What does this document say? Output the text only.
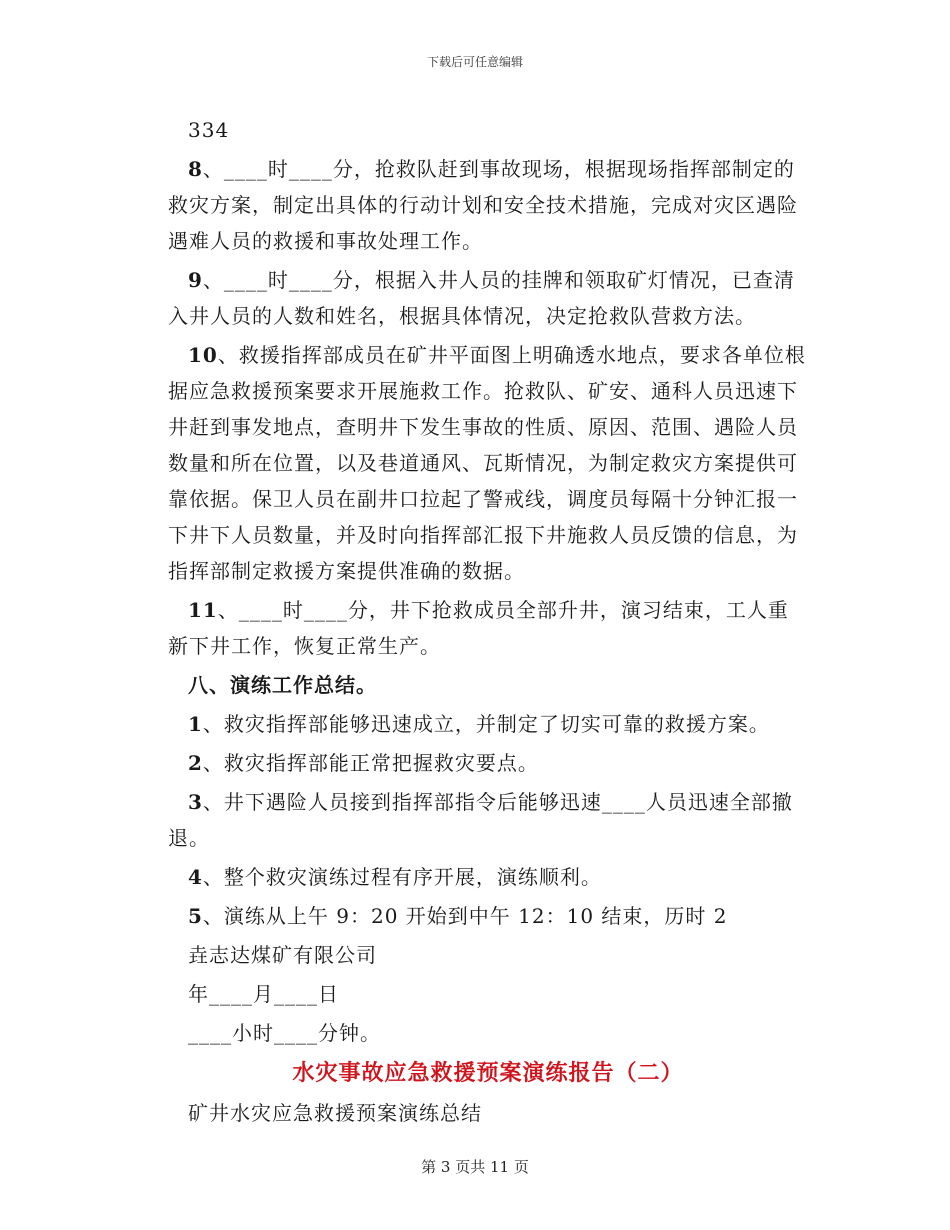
下载后可任意编辑

334

8、____时____分，抢救队赶到事故现场，根据现场指挥部制定的救灾方案，制定出具体的行动计划和安全技术措施，完成对灾区遇险遇难人员的救援和事故处理工作。

9、____时____分，根据入井人员的挂牌和领取矿灯情况，已查清入井人员的人数和姓名，根据具体情况，决定抢救队营救方法。

10、救援指挥部成员在矿井平面图上明确透水地点，要求各单位根据应急救援预案要求开展施救工作。抢救队、矿安、通科人员迅速下井赶到事发地点，查明井下发生事故的性质、原因、范围、遇险人员数量和所在位置，以及巷道通风、瓦斯情况，为制定救灾方案提供可靠依据。保卫人员在副井口拉起了警戒线，调度员每隔十分钟汇报一下井下人员数量，并及时向指挥部汇报下井施救人员反馈的信息，为指挥部制定救援方案提供准确的数据。

11、____时____分，井下抢救成员全部升井，演习结束，工人重新下井工作，恢复正常生产。

八、演练工作总结。

1、救灾指挥部能够迅速成立，并制定了切实可靠的救援方案。

2、救灾指挥部能正常把握救灾要点。

3、井下遇险人员接到指挥部指令后能够迅速____人员迅速全部撤退。

4、整个救灾演练过程有序开展，演练顺利。

5、演练从上午 9：20 开始到中午 12：10 结束，历时 2

垚志达煤矿有限公司

年____月____日

____小时____分钟。

水灾事故应急救援预案演练报告（二）

矿井水灾应急救援预案演练总结

第 3 页共 11 页
